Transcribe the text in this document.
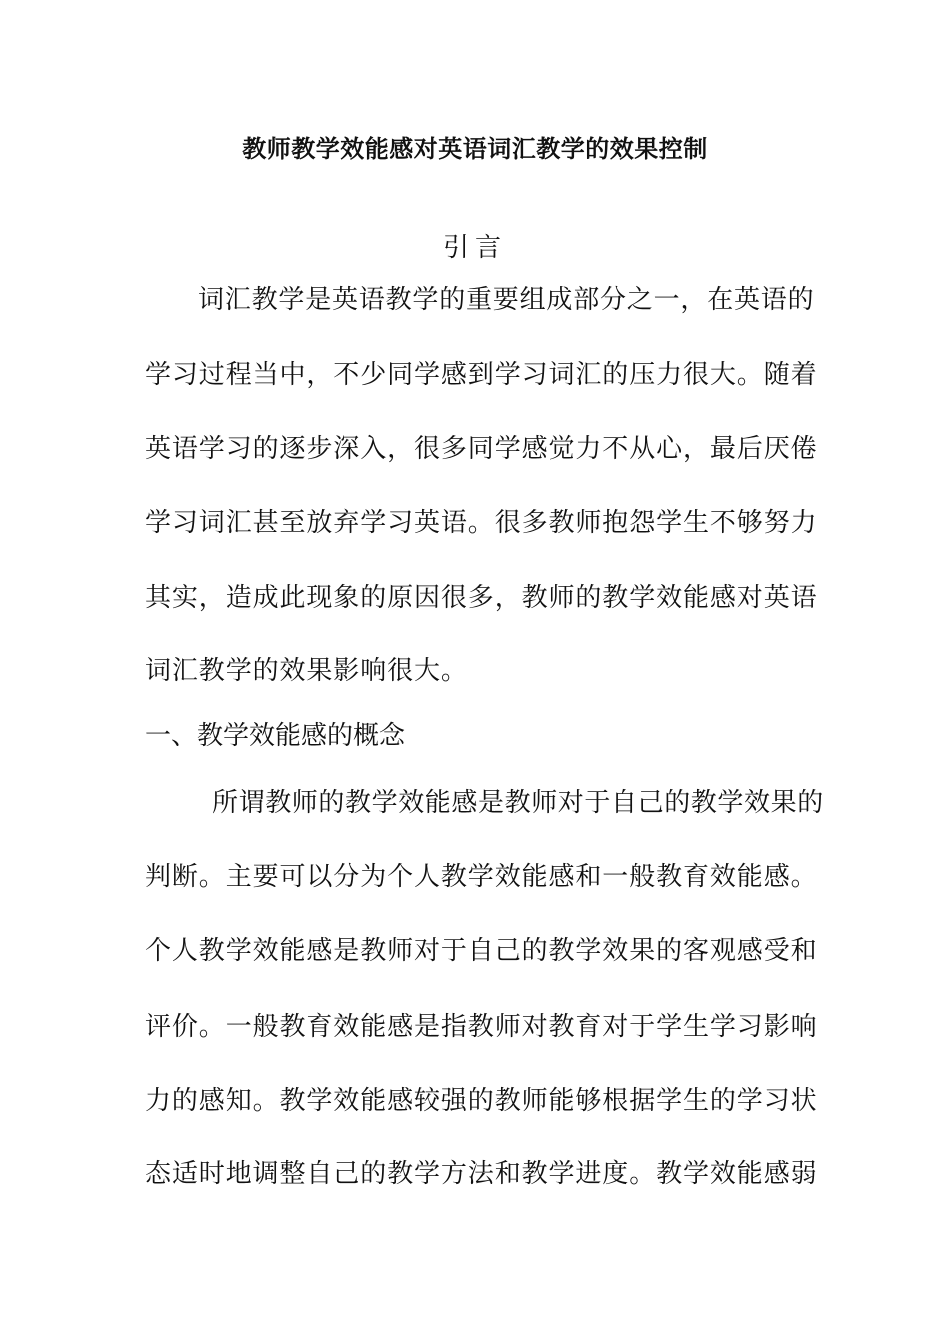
教师教学效能感对英语词汇教学的效果控制
引言
词汇教学是英语教学的重要组成部分之一，在英语的
学习过程当中，不少同学感到学习词汇的压力很大。随着
英语学习的逐步深入，很多同学感觉力不从心，最后厌倦
学习词汇甚至放弃学习英语。很多教师抱怨学生不够努力
其实，造成此现象的原因很多，教师的教学效能感对英语
词汇教学的效果影响很大。
一、教学效能感的概念
所谓教师的教学效能感是教师对于自己的教学效果的
判断。主要可以分为个人教学效能感和一般教育效能感。
个人教学效能感是教师对于自己的教学效果的客观感受和
评价。一般教育效能感是指教师对教育对于学生学习影响
力的感知。教学效能感较强的教师能够根据学生的学习状
态适时地调整自己的教学方法和教学进度。教学效能感弱
